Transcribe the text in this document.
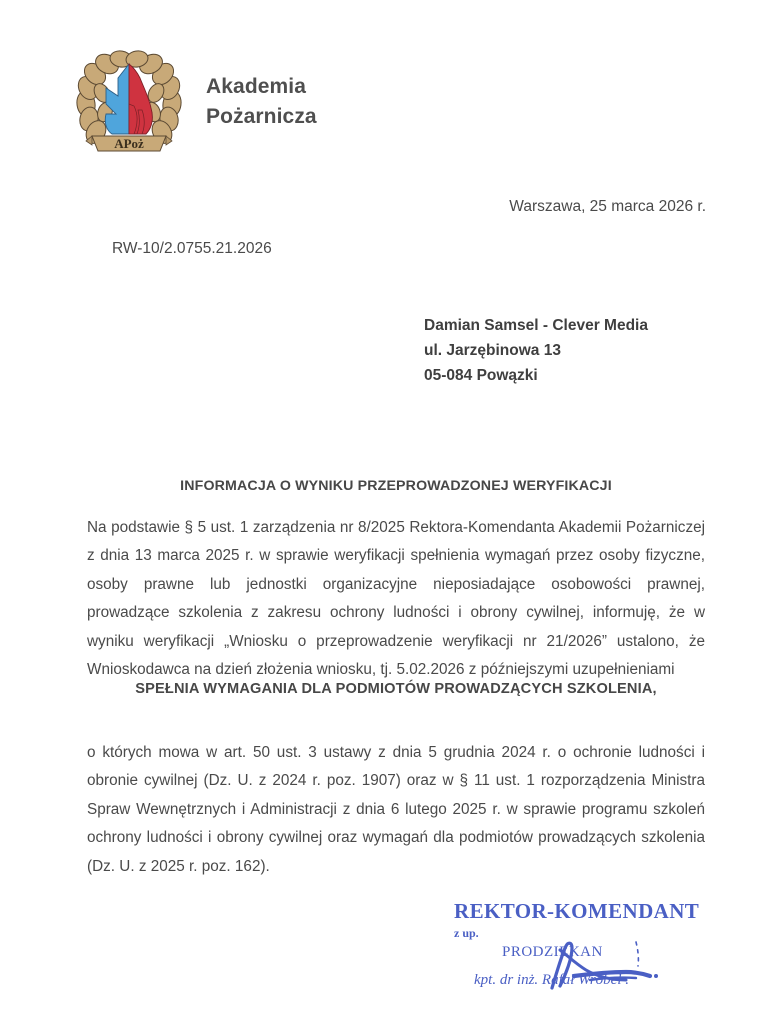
APoż
Akademia
Pożarnicza
Warszawa, 25 marca 2026 r.
RW-10/2.0755.21.2026
Damian Samsel - Clever Media
ul. Jarzębinowa 13
05-084 Powązki
INFORMACJA O WYNIKU PRZEPROWADZONEJ WERYFIKACJI
Na podstawie § 5 ust. 1 zarządzenia nr 8/2025 Rektora-Komendanta Akademii Pożarniczej z dnia 13 marca 2025 r. w sprawie weryfikacji spełnienia wymagań przez osoby fizyczne, osoby prawne lub jednostki organizacyjne nieposiadające osobowości prawnej, prowadzące szkolenia z zakresu ochrony ludności i obrony cywilnej, informuję, że w wyniku weryfikacji „Wniosku o przeprowadzenie weryfikacji nr 21/2026” ustalono, że Wnioskodawca na dzień złożenia wniosku, tj. 5.02.2026 z późniejszymi uzupełnieniami
SPEŁNIA WYMAGANIA DLA PODMIOTÓW PROWADZĄCYCH SZKOLENIA,
o których mowa w art. 50 ust. 3 ustawy z dnia 5 grudnia 2024 r. o ochronie ludności i obronie cywilnej (Dz. U. z 2024 r. poz. 1907) oraz w § 11 ust. 1 rozporządzenia Ministra Spraw Wewnętrznych i Administracji z dnia 6 lutego 2025 r. w sprawie programu szkoleń ochrony ludności i obrony cywilnej oraz wymagań dla podmiotów prowadzących szkolenia (Dz. U. z 2025 r. poz. 162).
REKTOR-KOMENDANT
z up.
PRODZIEKAN
kpt. dr inż. Rafał Wróbel .
